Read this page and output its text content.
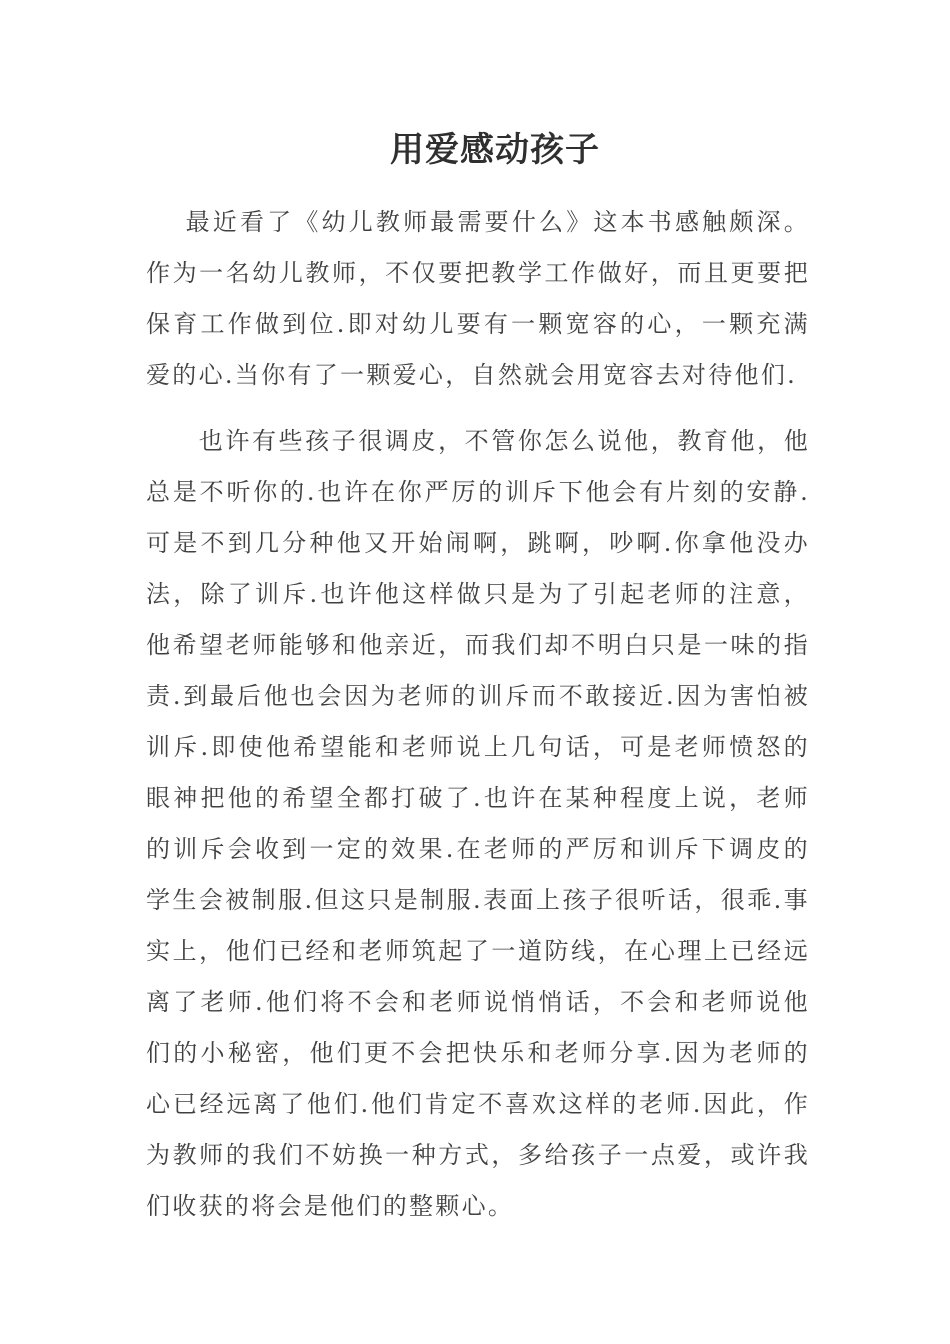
用爱感动孩子

最近看了《幼儿教师最需要什么》这本书感触颇深。作为一名幼儿教师，不仅要把教学工作做好，而且更要把保育工作做到位.即对幼儿要有一颗宽容的心，一颗充满爱的心.当你有了一颗爱心，自然就会用宽容去对待他们.

也许有些孩子很调皮，不管你怎么说他，教育他，他总是不听你的.也许在你严厉的训斥下他会有片刻的安静.可是不到几分种他又开始闹啊，跳啊，吵啊.你拿他没办法，除了训斥.也许他这样做只是为了引起老师的注意，他希望老师能够和他亲近，而我们却不明白只是一味的指责.到最后他也会因为老师的训斥而不敢接近.因为害怕被训斥.即使他希望能和老师说上几句话，可是老师愤怒的眼神把他的希望全都打破了.也许在某种程度上说，老师的训斥会收到一定的效果.在老师的严厉和训斥下调皮的学生会被制服.但这只是制服.表面上孩子很听话，很乖.事实上，他们已经和老师筑起了一道防线，在心理上已经远离了老师.他们将不会和老师说悄悄话，不会和老师说他们的小秘密，他们更不会把快乐和老师分享.因为老师的心已经远离了他们.他们肯定不喜欢这样的老师.因此，作为教师的我们不妨换一种方式，多给孩子一点爱，或许我们收获的将会是他们的整颗心。
